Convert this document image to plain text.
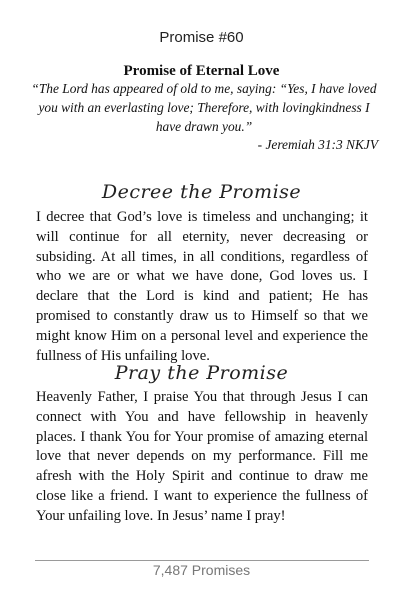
Promise #60
Promise of Eternal Love
“The Lord has appeared of old to me, saying: “Yes, I have loved you with an everlasting love; Therefore, with lovingkindness I have drawn you.”
- Jeremiah 31:3 NKJV
Decree the Promise
I decree that God’s love is timeless and unchanging; it will continue for all eternity, never decreasing or subsiding. At all times, in all conditions, regardless of who we are or what we have done, God loves us. I declare that the Lord is kind and patient; He has promised to constantly draw us to Himself so that we might know Him on a personal level and experience the fullness of His unfailing love.
Pray the Promise
Heavenly Father, I praise You that through Jesus I can connect with You and have fellowship in heavenly places. I thank You for Your promise of amazing eternal love that never depends on my performance. Fill me afresh with the Holy Spirit and continue to draw me close like a friend. I want to experience the fullness of Your unfailing love. In Jesus’ name I pray!
7,487 Promises
